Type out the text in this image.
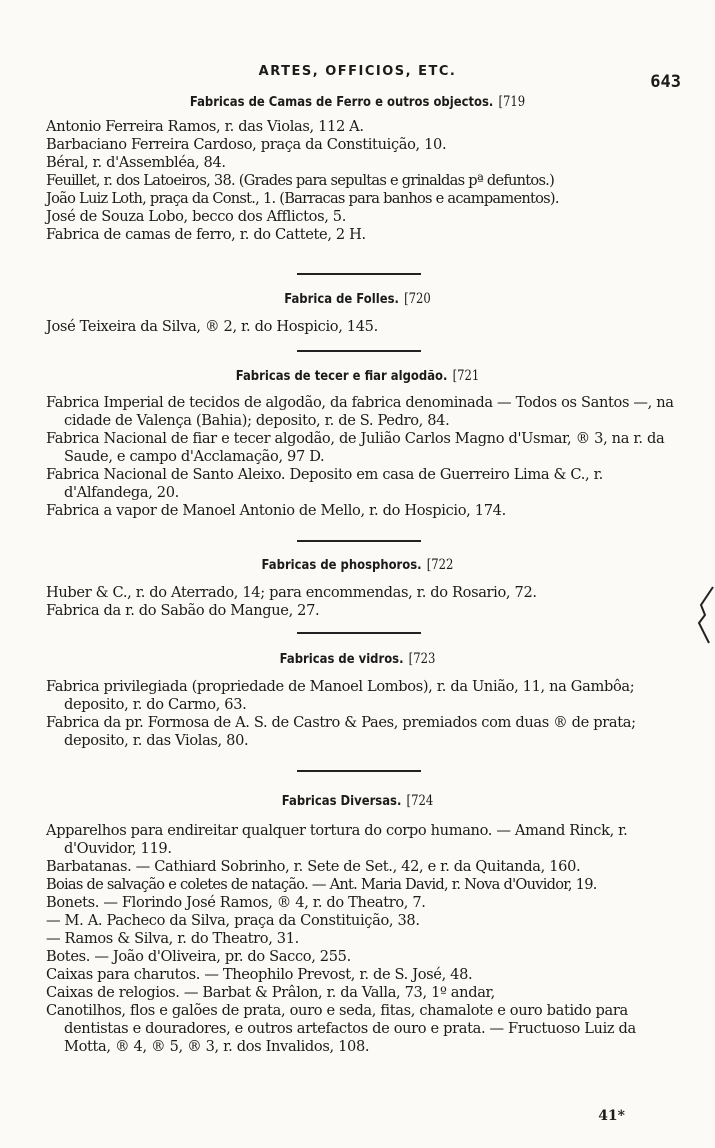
ARTES, OFFICIOS, ETC.
643
Fabricas de Camas de Ferro e outros objectos. [719
Antonio Ferreira Ramos, r. das Violas, 112 A.
Barbaciano Ferreira Cardoso, praça da Constituição, 10.
Béral, r. d'Assembléa, 84.
Feuillet, r. dos Latoeiros, 38. (Grades para sepultas e grinaldas pª defuntos.)
João Luiz Loth, praça da Const., 1. (Barracas para banhos e acampamentos).
José de Souza Lobo, becco dos Afflictos, 5.
Fabrica de camas de ferro, r. do Cattete, 2 H.
Fabrica de Folles. [720
José Teixeira da Silva, ® 2, r. do Hospicio, 145.
Fabricas de tecer e fiar algodão. [721
Fabrica Imperial de tecidos de algodão, da fabrica denominada — Todos os Santos —, na cidade de Valença (Bahia); deposito, r. de S. Pedro, 84.
Fabrica Nacional de fiar e tecer algodão, de Julião Carlos Magno d'Usmar, ® 3, na r. da Saude, e campo d'Acclamação, 97 D.
Fabrica Nacional de Santo Aleixo. Deposito em casa de Guerreiro Lima & C., r. d'Alfandega, 20.
Fabrica a vapor de Manoel Antonio de Mello, r. do Hospicio, 174.
Fabricas de phosphoros. [722
Huber & C., r. do Aterrado, 14; para encommendas, r. do Rosario, 72.
Fabrica da r. do Sabão do Mangue, 27.
Fabricas de vidros. [723
Fabrica privilegiada (propriedade de Manoel Lombos), r. da União, 11, na Gambôa; deposito, r. do Carmo, 63.
Fabrica da pr. Formosa de A. S. de Castro & Paes, premiados com duas ® de prata; deposito, r. das Violas, 80.
Fabricas Diversas. [724
Apparelhos para endireitar qualquer tortura do corpo humano. — Amand Rinck, r. d'Ouvidor, 119.
Barbatanas. — Cathiard Sobrinho, r. Sete de Set., 42, e r. da Quitanda, 160.
Boias de salvação e coletes de natação. — Ant. Maria David, r. Nova d'Ouvidor, 19.
Bonets. — Florindo José Ramos, ® 4, r. do Theatro, 7.
— M. A. Pacheco da Silva, praça da Constituição, 38.
— Ramos & Silva, r. do Theatro, 31.
Botes. — João d'Oliveira, pr. do Sacco, 255.
Caixas para charutos. — Theophilo Prevost, r. de S. José, 48.
Caixas de relogios. — Barbat & Prâlon, r. da Valla, 73, 1º andar,
Canotilhos, flos e galões de prata, ouro e seda, fitas, chamalote e ouro batido para dentistas e douradores, e outros artefactos de ouro e prata. — Fructuoso Luiz da Motta, ® 4, ® 5, ® 3, r. dos Invalidos, 108.
41*
